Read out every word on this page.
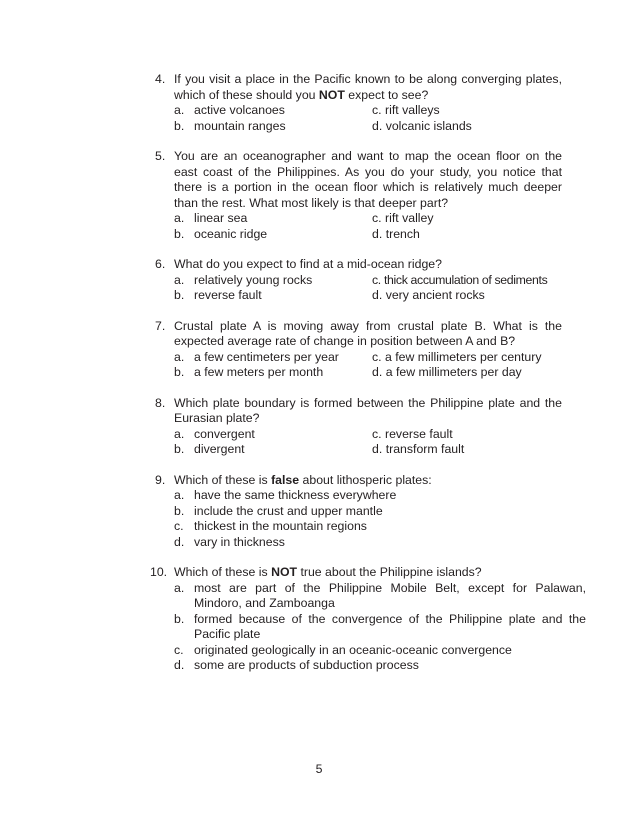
4. If you visit a place in the Pacific known to be along converging plates, which of these should you NOT expect to see?
a. active volcanoes	c. rift valleys
b. mountain ranges	d. volcanic islands
5. You are an oceanographer and want to map the ocean floor on the east coast of the Philippines. As you do your study, you notice that there is a portion in the ocean floor which is relatively much deeper than the rest. What most likely is that deeper part?
a. linear sea	c. rift valley
b. oceanic ridge	d. trench
6. What do you expect to find at a mid-ocean ridge?
a. relatively young rocks	c. thick accumulation of sediments
b. reverse fault	d. very ancient rocks
7. Crustal plate A is moving away from crustal plate B. What is the expected average rate of change in position between A and B?
a. a few centimeters per year	c. a few millimeters per century
b. a few meters per month	d. a few millimeters per day
8. Which plate boundary is formed between the Philippine plate and the Eurasian plate?
a. convergent	c. reverse fault
b. divergent	d. transform fault
9. Which of these is false about lithosperic plates:
a. have the same thickness everywhere
b. include the crust and upper mantle
c. thickest in the mountain regions
d. vary in thickness
10. Which of these is NOT true about the Philippine islands?
a. most are part of the Philippine Mobile Belt, except for Palawan, Mindoro, and Zamboanga
b. formed because of the convergence of the Philippine plate and the Pacific plate
c. originated geologically in an oceanic-oceanic convergence
d. some are products of subduction process
5
